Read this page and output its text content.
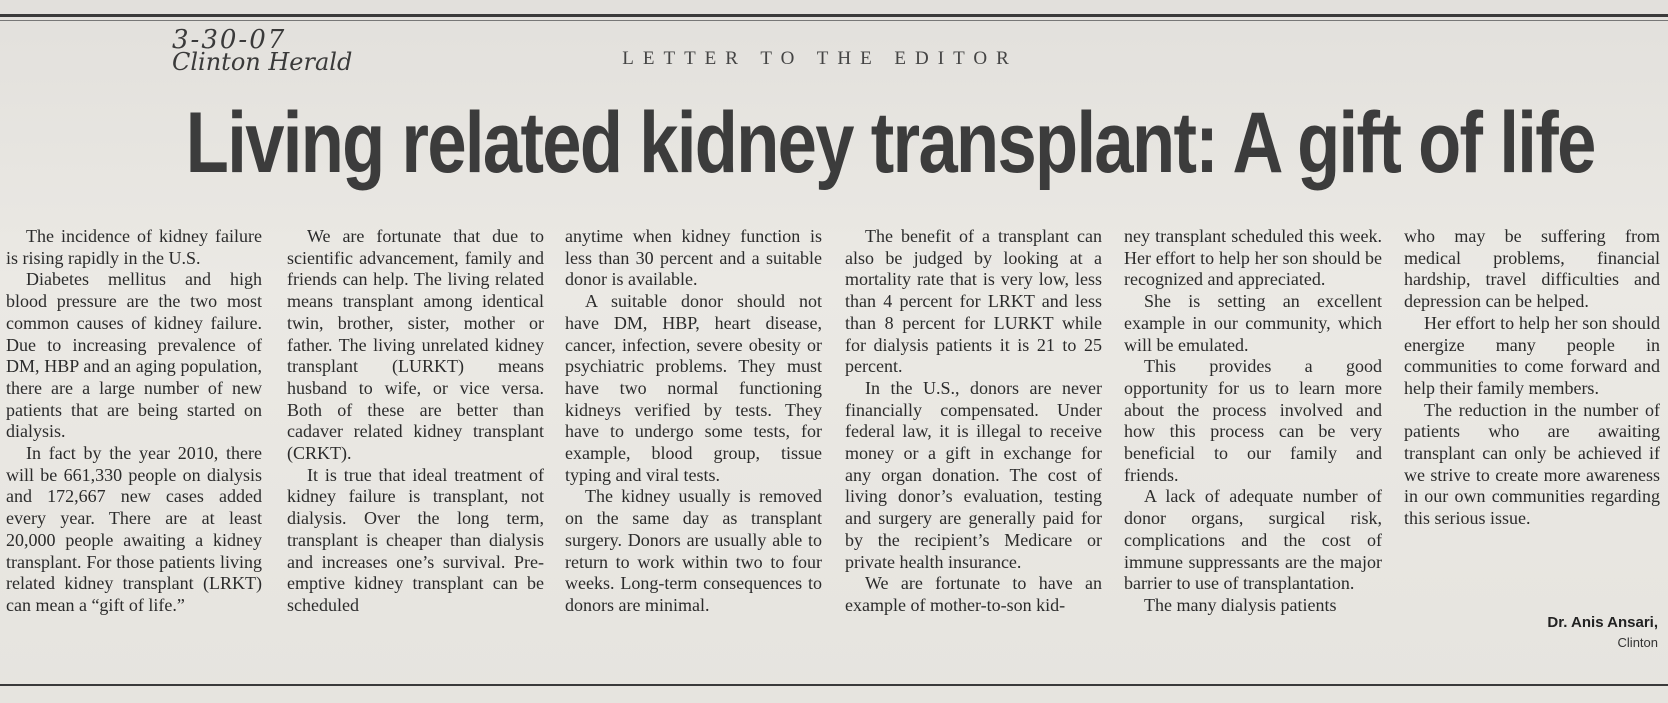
3-30-07
Clinton Herald	LETTER TO THE EDITOR
Living related kidney transplant: A gift of life

The incidence of kidney failure is rising rapidly in the U.S.

Diabetes mellitus and high blood pressure are the two most common causes of kidney failure. Due to increasing prevalence of DM, HBP and an aging population, there are a large number of new patients that are being started on dialysis.

In fact by the year 2010, there will be 661,330 people on dialysis and 172,667 new cases added every year. There are at least 20,000 people awaiting a kidney transplant. For those patients living related kidney transplant (LRKT) can mean a “gift of life.”

We are fortunate that due to scientific advancement, family and friends can help. The living related means transplant among identical twin, brother, sister, mother or father. The living unrelated kidney transplant (LURKT) means husband to wife, or vice versa. Both of these are better than cadaver related kidney transplant (CRKT).

It is true that ideal treatment of kidney failure is transplant, not dialysis. Over the long term, transplant is cheaper than dialysis and increases one’s survival. Pre-emptive kidney transplant can be scheduled

anytime when kidney function is less than 30 percent and a suitable donor is available.

A suitable donor should not have DM, HBP, heart disease, cancer, infection, severe obesity or psychiatric problems. They must have two normal functioning kidneys verified by tests. They have to undergo some tests, for example, blood group, tissue typing and viral tests.

The kidney usually is removed on the same day as transplant surgery. Donors are usually able to return to work within two to four weeks. Long-term consequences to donors are minimal.

The benefit of a transplant can also be judged by looking at a mortality rate that is very low, less than 4 percent for LRKT and less than 8 percent for LURKT while for dialysis patients it is 21 to 25 percent.

In the U.S., donors are never financially compensated. Under federal law, it is illegal to receive money or a gift in exchange for any organ donation. The cost of living donor’s evaluation, testing and surgery are generally paid for by the recipient’s Medicare or private health insurance.

We are fortunate to have an example of mother-to-son kid-

ney transplant scheduled this week. Her effort to help her son should be recognized and appreciated.

She is setting an excellent example in our community, which will be emulated.

This provides a good opportunity for us to learn more about the process involved and how this process can be very beneficial to our family and friends.

A lack of adequate number of donor organs, surgical risk, complications and the cost of immune suppressants are the major barrier to use of transplantation.

The many dialysis patients

who may be suffering from medical problems, financial hardship, travel difficulties and depression can be helped.

Her effort to help her son should energize many people in communities to come forward and help their family members.

The reduction in the number of patients who are awaiting transplant can only be achieved if we strive to create more awareness in our own communities regarding this serious issue.

Dr. Anis Ansari,
Clinton
